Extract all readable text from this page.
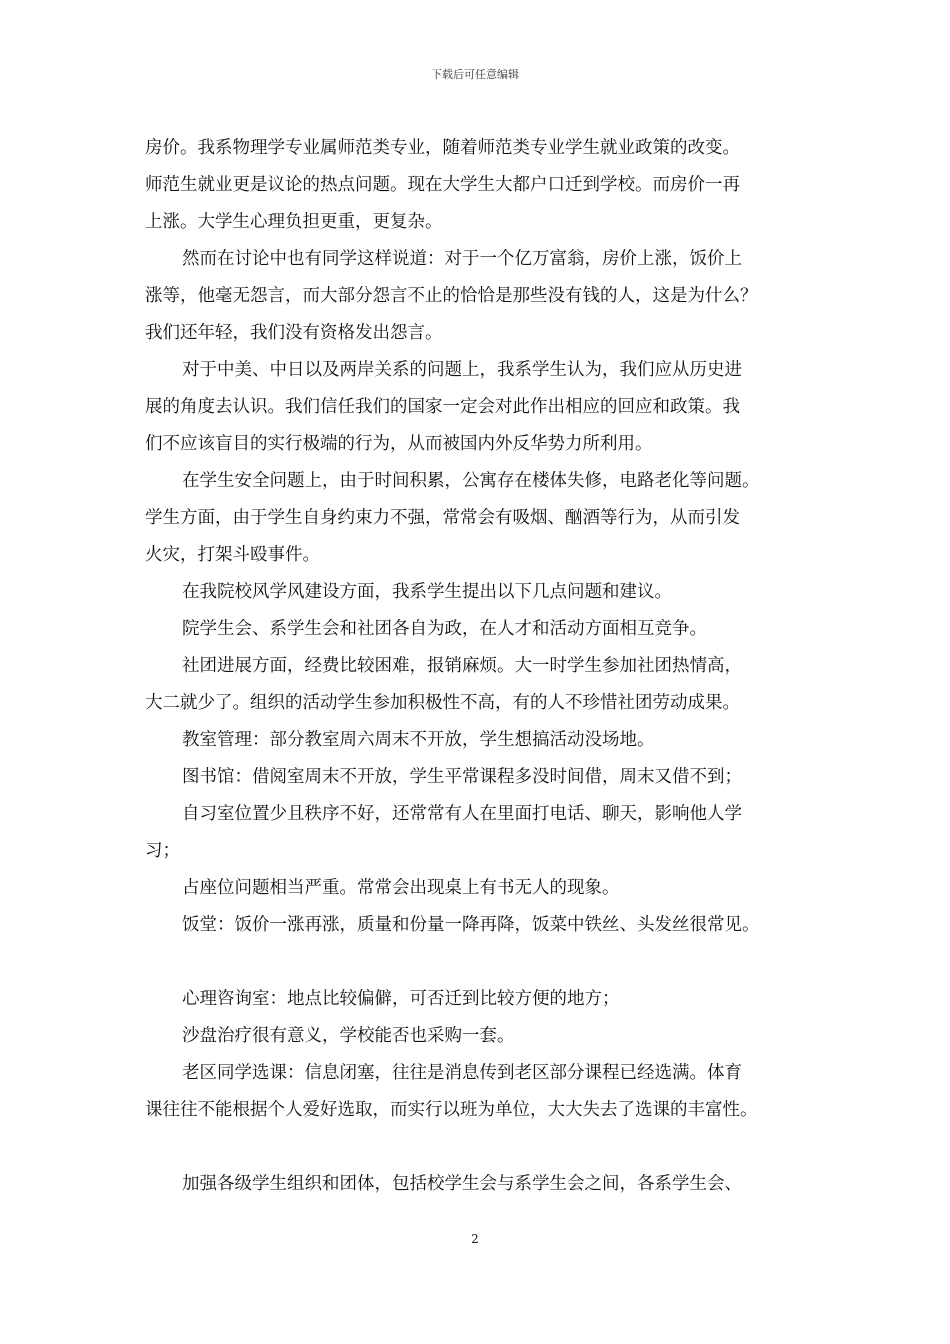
下载后可任意编辑
房价。我系物理学专业属师范类专业，随着师范类专业学生就业政策的改变。
师范生就业更是议论的热点问题。现在大学生大都户口迁到学校。而房价一再
上涨。大学生心理负担更重，更复杂。
然而在讨论中也有同学这样说道：对于一个亿万富翁，房价上涨，饭价上
涨等，他毫无怨言，而大部分怨言不止的恰恰是那些没有钱的人，这是为什么？
我们还年轻，我们没有资格发出怨言。
对于中美、中日以及两岸关系的问题上，我系学生认为，我们应从历史进
展的角度去认识。我们信任我们的国家一定会对此作出相应的回应和政策。我
们不应该盲目的实行极端的行为，从而被国内外反华势力所利用。
在学生安全问题上，由于时间积累，公寓存在楼体失修，电路老化等问题。
学生方面，由于学生自身约束力不强，常常会有吸烟、酗酒等行为，从而引发
火灾，打架斗殴事件。
在我院校风学风建设方面，我系学生提出以下几点问题和建议。
院学生会、系学生会和社团各自为政，在人才和活动方面相互竞争。
社团进展方面，经费比较困难，报销麻烦。大一时学生参加社团热情高，
大二就少了。组织的活动学生参加积极性不高，有的人不珍惜社团劳动成果。
教室管理：部分教室周六周末不开放，学生想搞活动没场地。
图书馆：借阅室周末不开放，学生平常课程多没时间借，周末又借不到；
自习室位置少且秩序不好，还常常有人在里面打电话、聊天，影响他人学
习；
占座位问题相当严重。常常会出现桌上有书无人的现象。
饭堂：饭价一涨再涨，质量和份量一降再降，饭菜中铁丝、头发丝很常见。
心理咨询室：地点比较偏僻，可否迁到比较方便的地方；
沙盘治疗很有意义，学校能否也采购一套。
老区同学选课：信息闭塞，往往是消息传到老区部分课程已经选满。体育
课往往不能根据个人爱好选取，而实行以班为单位，大大失去了选课的丰富性。
加强各级学生组织和团体，包括校学生会与系学生会之间，各系学生会、
2
